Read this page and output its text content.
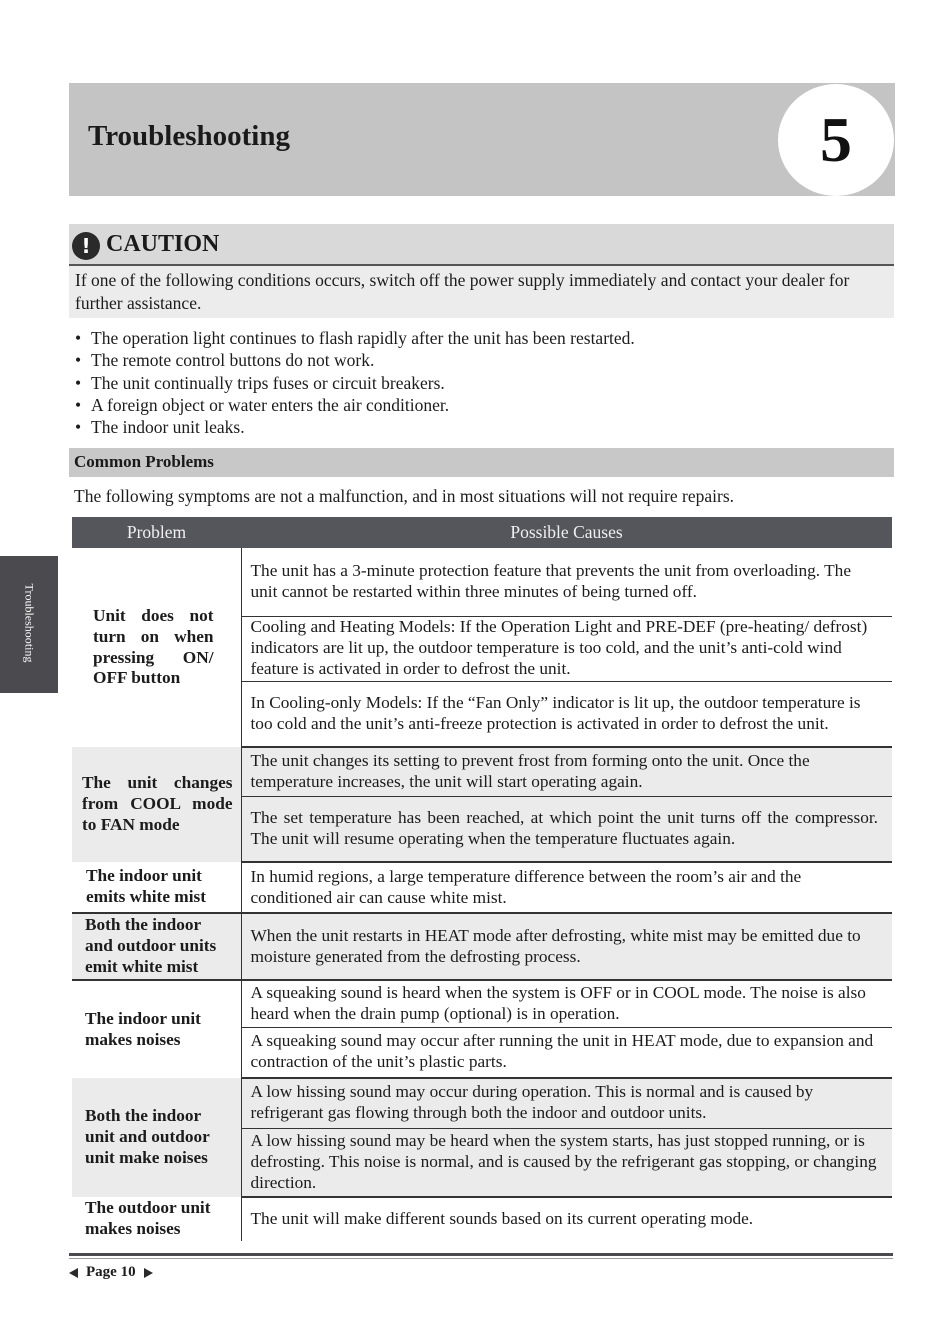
Troubleshooting	5
Troubleshooting
! CAUTION
If one of the following conditions occurs, switch off the power supply immediately and contact your dealer for further assistance.
• The operation light continues to flash rapidly after the unit has been restarted.
• The remote control buttons do not work.
• The unit continually trips fuses or circuit breakers.
• A foreign object or water enters the air conditioner.
• The indoor unit leaks.
Common Problems
The following symptoms are not a malfunction, and in most situations will not require repairs.
Problem	Possible Causes
Unit does not turn on when pressing ON/ OFF button	The unit has a 3-minute protection feature that prevents the unit from overloading. The unit cannot be restarted within three minutes of being turned off.
	Cooling and Heating Models: If the Operation Light and PRE-DEF (pre-heating/ defrost) indicators are lit up, the outdoor temperature is too cold, and the unit’s anti-cold wind feature is activated in order to defrost the unit.
	In Cooling-only Models: If the “Fan Only” indicator is lit up, the outdoor temperature is too cold and the unit’s anti-freeze protection is activated in order to defrost the unit.
The unit changes from COOL mode to FAN mode	The unit changes its setting to prevent frost from forming onto the unit. Once the temperature increases, the unit will start operating again.
	The set temperature has been reached, at which point the unit turns off the compressor. The unit will resume operating when the temperature fluctuates again.
The indoor unit emits white mist	In humid regions, a large temperature difference between the room’s air and the conditioned air can cause white mist.
Both the indoor and outdoor units emit white mist	When the unit restarts in HEAT mode after defrosting, white mist may be emitted due to moisture generated from the defrosting process.
The indoor unit makes noises	A squeaking sound is heard when the system is OFF or in COOL mode. The noise is also heard when the drain pump (optional) is in operation.
	A squeaking sound may occur after running the unit in HEAT mode, due to expansion and contraction of the unit’s plastic parts.
Both the indoor unit and outdoor unit make noises	A low hissing sound may occur during operation. This is normal and is caused by refrigerant gas flowing through both the indoor and outdoor units.
	A low hissing sound may be heard when the system starts, has just stopped running, or is defrosting. This noise is normal, and is caused by the refrigerant gas stopping, or changing direction.
The outdoor unit makes noises	The unit will make different sounds based on its current operating mode.
Page 10
